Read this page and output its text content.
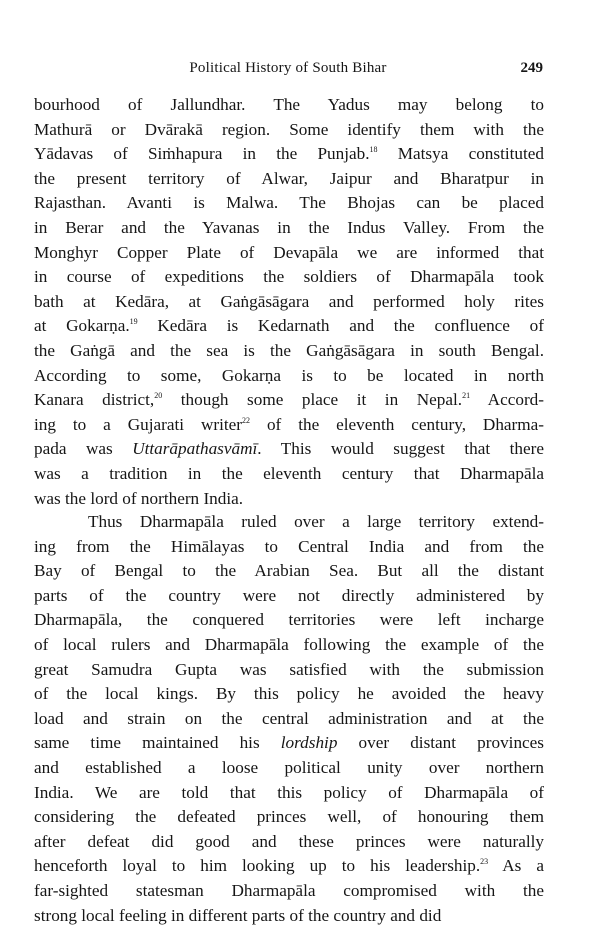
Political History of South Bihar	249
bourhood of Jallundhar. The Yadus may belong to
Mathurā or Dvārakā region. Some identify them with the
Yādavas of Siṁhapura in the Punjab.$^{18}$ Matsya constituted
the present territory of Alwar, Jaipur and Bharatpur in
Rajasthan. Avanti is Malwa. The Bhojas can be placed
in Berar and the Yavanas in the Indus Valley. From the
Monghyr Copper Plate of Devapāla we are informed that
in course of expeditions the soldiers of Dharmapāla took
bath at Kedāra, at Gaṅgāsāgara and performed holy rites
at Gokarṇa.$^{19}$ Kedāra is Kedarnath and the confluence of
the Gaṅgā and the sea is the Gaṅgāsāgara in south Bengal.
According to some, Gokarṇa is to be located in north
Kanara district,$^{20}$ though some place it in Nepal.$^{21}$ Accord-
ing to a Gujarati writer$^{22}$ of the eleventh century, Dharma-
pada was Uttarāpathasvāmī. This would suggest that there
was a tradition in the eleventh century that Dharmapāla
was the lord of northern India.
Thus Dharmapāla ruled over a large territory extend-
ing from the Himālayas to Central India and from the
Bay of Bengal to the Arabian Sea. But all the distant
parts of the country were not directly administered by
Dharmapāla, the conquered territories were left incharge
of local rulers and Dharmapāla following the example of the
great Samudra Gupta was satisfied with the submission
of the local kings. By this policy he avoided the heavy
load and strain on the central administration and at the
same time maintained his lordship over distant provinces
and established a loose political unity over northern
India. We are told that this policy of Dharmapāla of
considering the defeated princes well, of honouring them
after defeat did good and these princes were naturally
henceforth loyal to him looking up to his leadership.$^{23}$ As a
far-sighted statesman Dharmapāla compromised with the
strong local feeling in different parts of the country and did
